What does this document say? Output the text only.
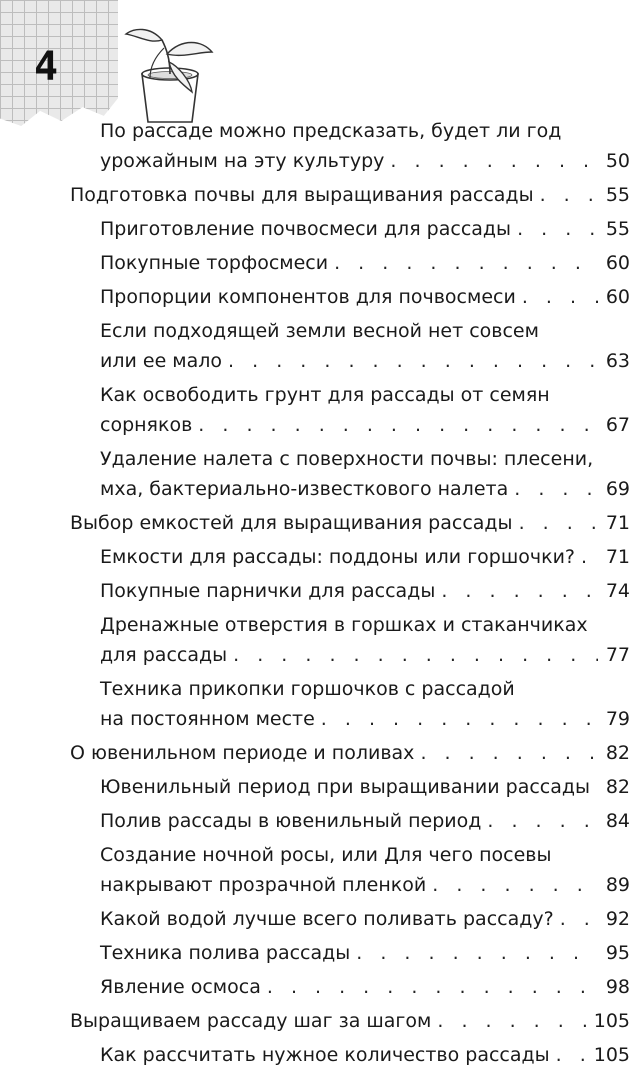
4
По рассаде можно предсказать, будет ли год
урожайным на эту культуру . . .	50
Подготовка почвы для выращивания рассады . . .	55
Приготовление почвосмеси для рассады . . .	55
Покупные торфосмеси . . .	60
Пропорции компонентов для почвосмеси . . .	60
Если подходящей земли весной нет совсем
или ее мало . . .	63
Как освободить грунт для рассады от семян
сорняков . . .	67
Удаление налета с поверхности почвы: плесени,
мха, бактериально-известкового налета . . .	69
Выбор емкостей для выращивания рассады . . .	71
Емкости для рассады: поддоны или горшочки? . . . 71
Покупные парнички для рассады . . .	74
Дренажные отверстия в горшках и стаканчиках
для рассады . . .	77
Техника прикопки горшочков с рассадой
на постоянном месте . . .	79
О ювенильном периоде и поливах . . .	82
Ювенильный период при выращивании рассады . . . 82
Полив рассады в ювенильный период . . .	84
Создание ночной росы, или Для чего посевы
накрывают прозрачной пленкой . . .	89
Какой водой лучше всего поливать рассаду? . . .	92
Техника полива рассады . . .	95
Явление осмоса . . .	98
Выращиваем рассаду шаг за шагом . . .	105
Как рассчитать нужное количество рассады . . . 105
